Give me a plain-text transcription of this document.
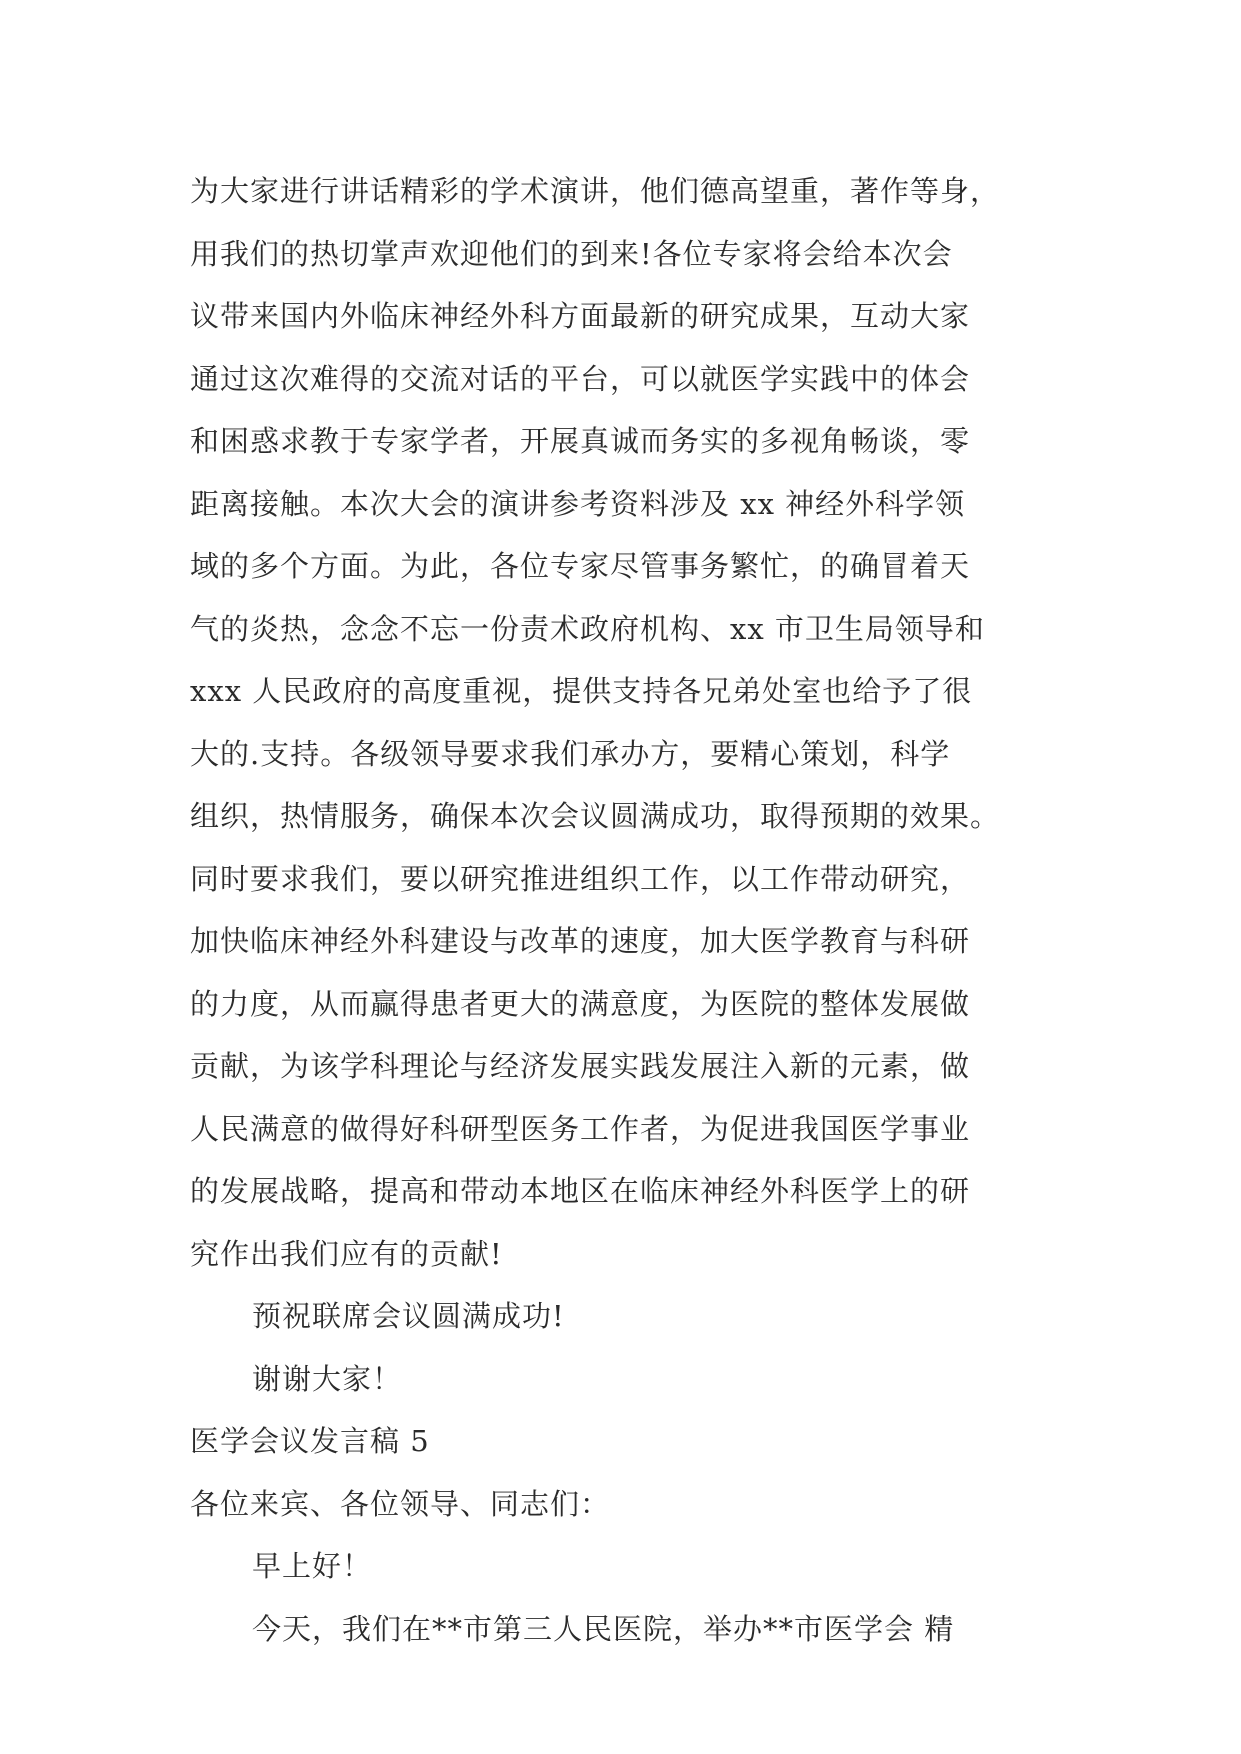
为大家进行讲话精彩的学术演讲，他们德高望重，著作等身，
用我们的热切掌声欢迎他们的到来!各位专家将会给本次会
议带来国内外临床神经外科方面最新的研究成果，互动大家
通过这次难得的交流对话的平台，可以就医学实践中的体会
和困惑求教于专家学者，开展真诚而务实的多视角畅谈，零
距离接触。本次大会的演讲参考资料涉及 xx 神经外科学领
域的多个方面。为此，各位专家尽管事务繁忙，的确冒着天
气的炎热，念念不忘一份责术政府机构、xx 市卫生局领导和
xxx 人民政府的高度重视，提供支持各兄弟处室也给予了很
大的.支持。各级领导要求我们承办方，要精心策划，科学
组织，热情服务，确保本次会议圆满成功，取得预期的效果。
同时要求我们，要以研究推进组织工作，以工作带动研究，
加快临床神经外科建设与改革的速度，加大医学教育与科研
的力度，从而赢得患者更大的满意度，为医院的整体发展做
贡献，为该学科理论与经济发展实践发展注入新的元素，做
人民满意的做得好科研型医务工作者，为促进我国医学事业
的发展战略，提高和带动本地区在临床神经外科医学上的研
究作出我们应有的贡献!
预祝联席会议圆满成功!
谢谢大家！
医学会议发言稿 5
各位来宾、各位领导、同志们：
早上好！
今天，我们在**市第三人民医院，举办**市医学会 精
